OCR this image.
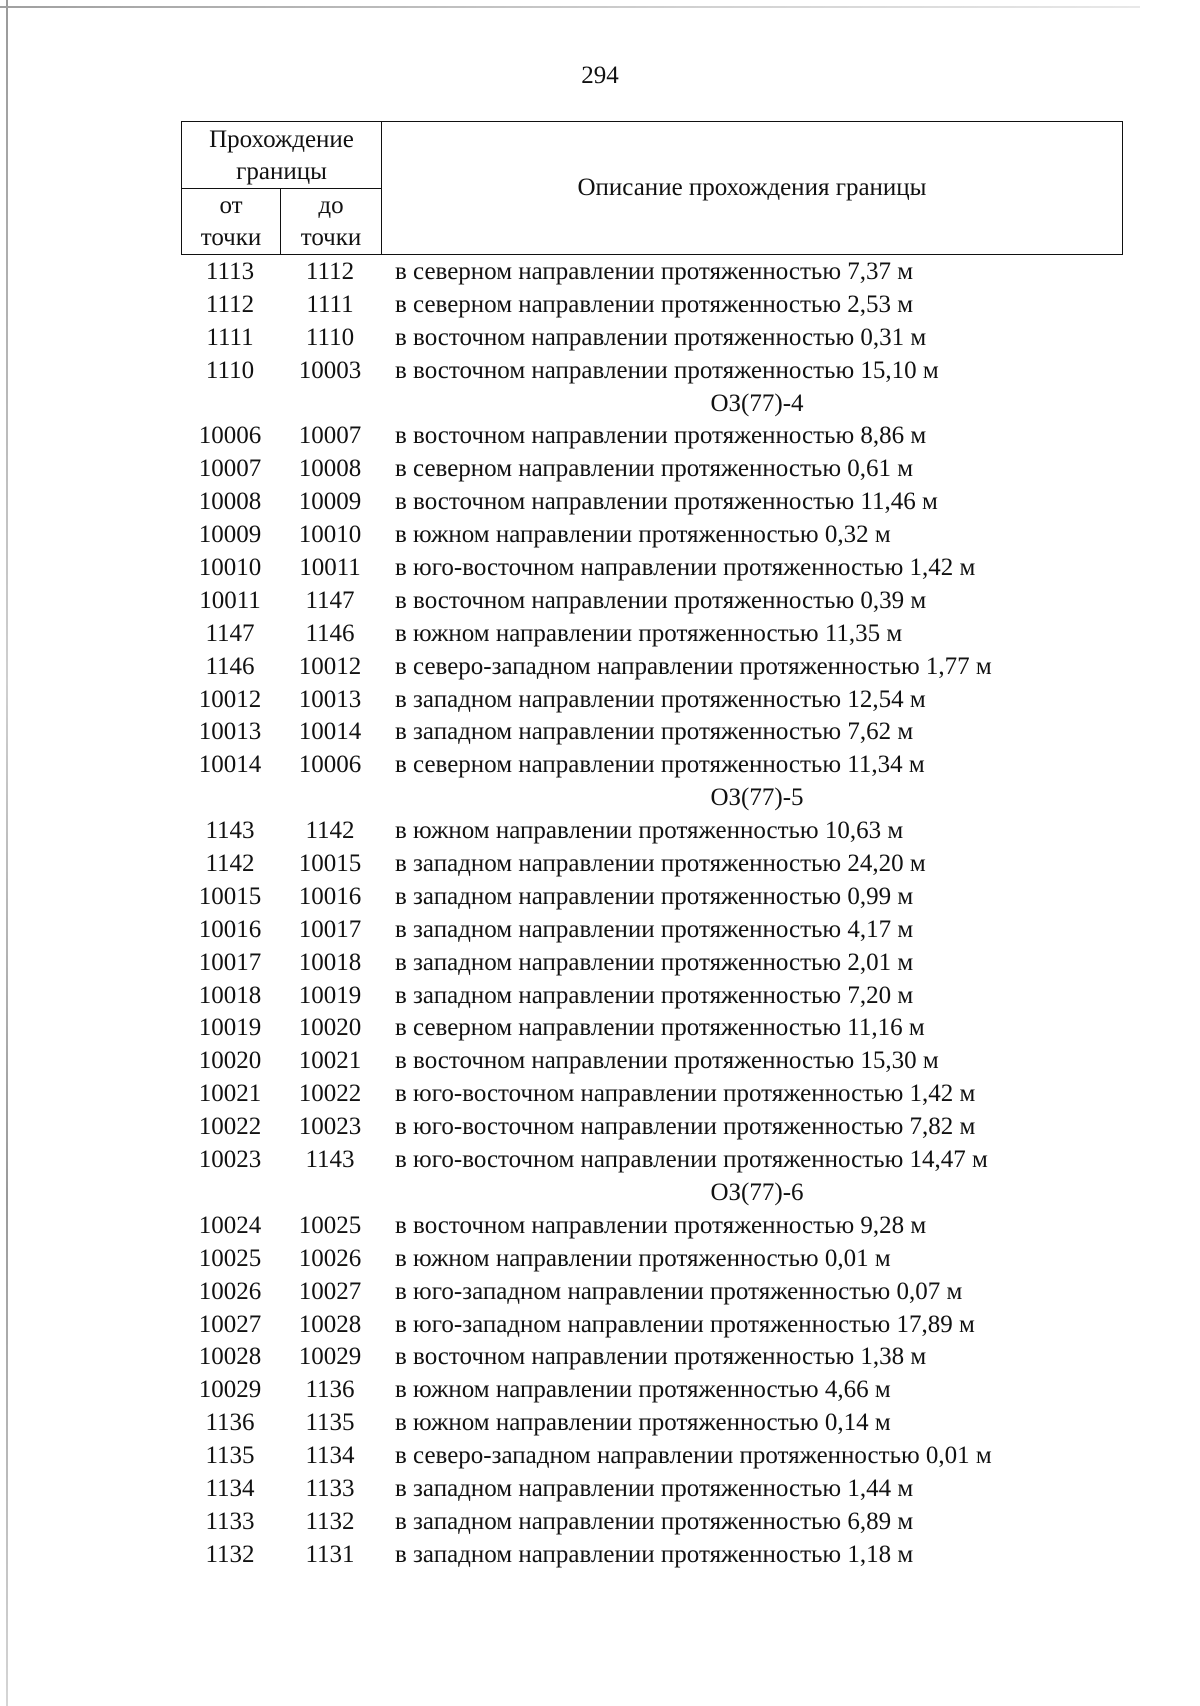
294
Прохождение
границы
от
точки
до
точки
Описание прохождения границы
1113	1112	в северном направлении протяженностью 7,37 м
1112	1111	в северном направлении протяженностью 2,53 м
1111	1110	в восточном направлении протяженностью 0,31 м
1110	10003	в восточном направлении протяженностью 15,10 м
ОЗ(77)-4
10006	10007	в восточном направлении протяженностью 8,86 м
10007	10008	в северном направлении протяженностью 0,61 м
10008	10009	в восточном направлении протяженностью 11,46 м
10009	10010	в южном направлении протяженностью 0,32 м
10010	10011	в юго-восточном направлении протяженностью 1,42 м
10011	1147	в восточном направлении протяженностью 0,39 м
1147	1146	в южном направлении протяженностью 11,35 м
1146	10012	в северо-западном направлении протяженностью 1,77 м
10012	10013	в западном направлении протяженностью 12,54 м
10013	10014	в западном направлении протяженностью 7,62 м
10014	10006	в северном направлении протяженностью 11,34 м
ОЗ(77)-5
1143	1142	в южном направлении протяженностью 10,63 м
1142	10015	в западном направлении протяженностью 24,20 м
10015	10016	в западном направлении протяженностью 0,99 м
10016	10017	в западном направлении протяженностью 4,17 м
10017	10018	в западном направлении протяженностью 2,01 м
10018	10019	в западном направлении протяженностью 7,20 м
10019	10020	в северном направлении протяженностью 11,16 м
10020	10021	в восточном направлении протяженностью 15,30 м
10021	10022	в юго-восточном направлении протяженностью 1,42 м
10022	10023	в юго-восточном направлении протяженностью 7,82 м
10023	1143	в юго-восточном направлении протяженностью 14,47 м
ОЗ(77)-6
10024	10025	в восточном направлении протяженностью 9,28 м
10025	10026	в южном направлении протяженностью 0,01 м
10026	10027	в юго-западном направлении протяженностью 0,07 м
10027	10028	в юго-западном направлении протяженностью 17,89 м
10028	10029	в восточном направлении протяженностью 1,38 м
10029	1136	в южном направлении протяженностью 4,66 м
1136	1135	в южном направлении протяженностью 0,14 м
1135	1134	в северо-западном направлении протяженностью 0,01 м
1134	1133	в западном направлении протяженностью 1,44 м
1133	1132	в западном направлении протяженностью 6,89 м
1132	1131	в западном направлении протяженностью 1,18 м
